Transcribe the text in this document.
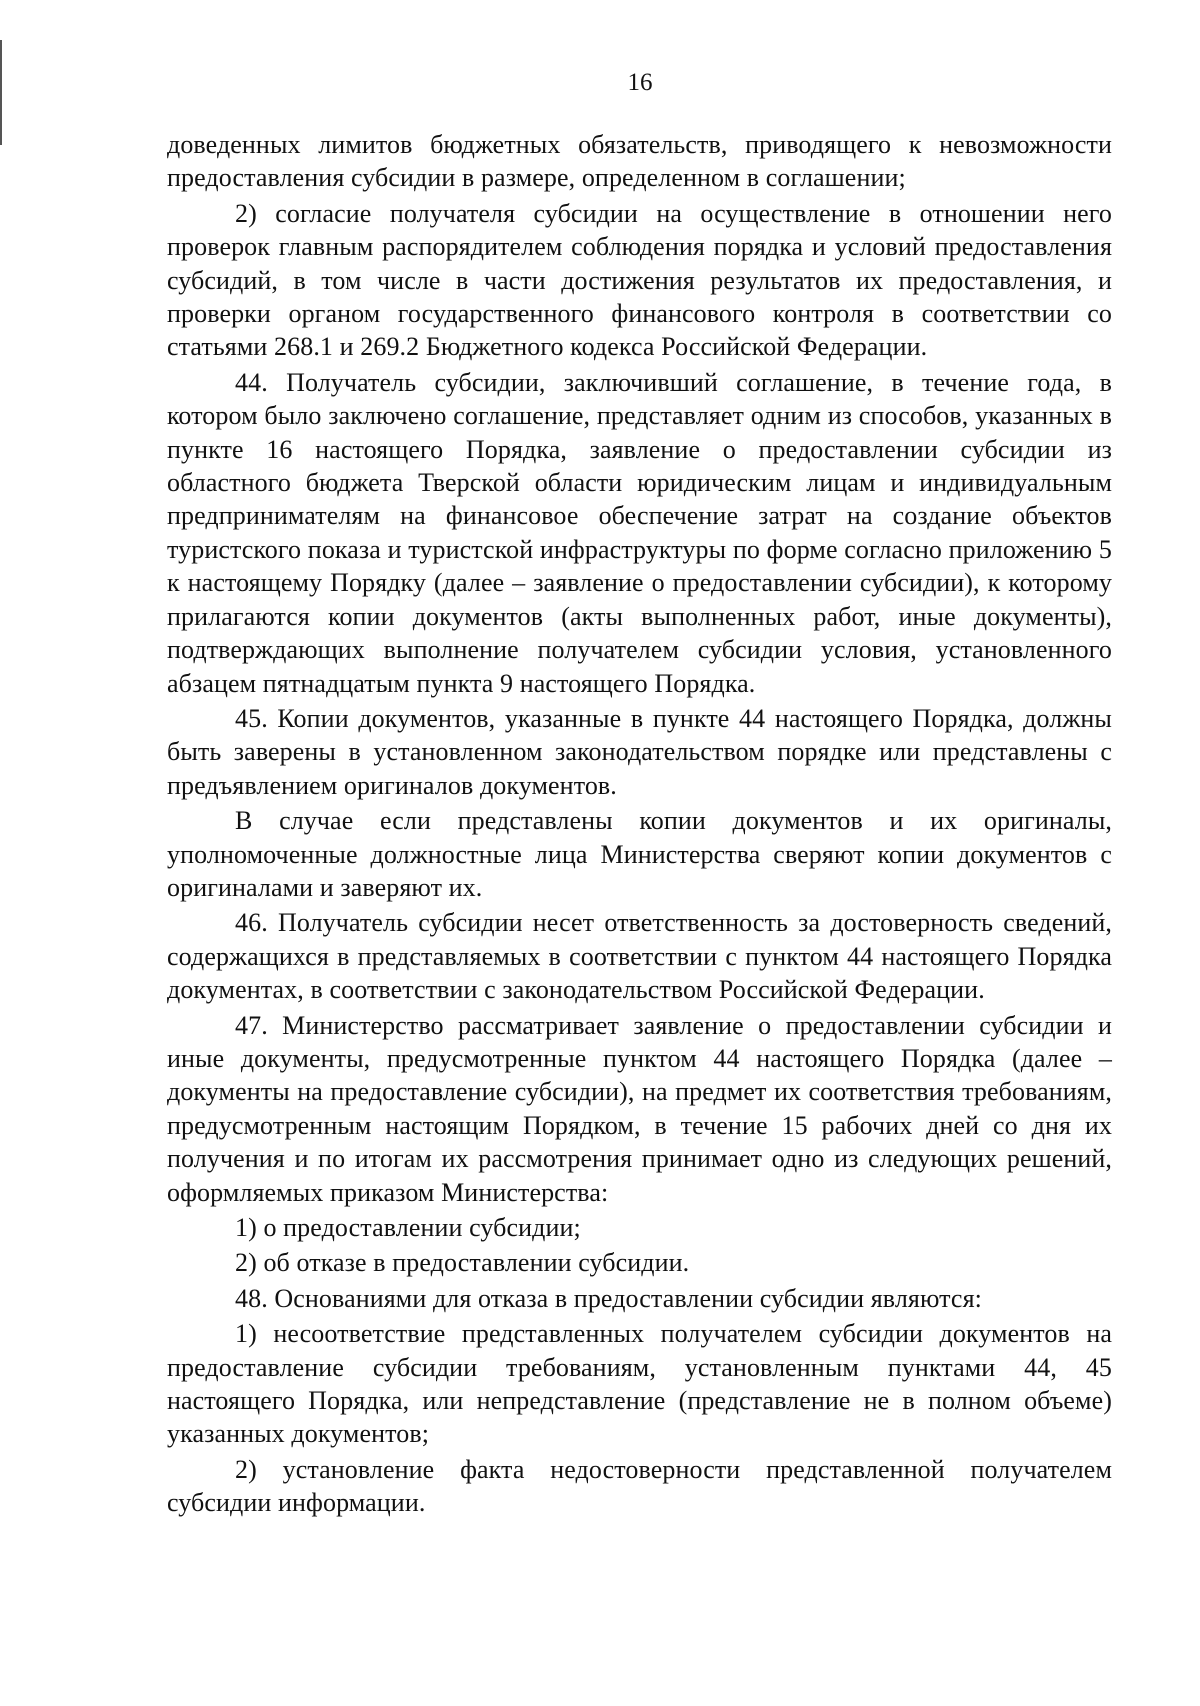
16

доведенных лимитов бюджетных обязательств, приводящего к невозможности предоставления субсидии в размере, определенном в соглашении;

2) согласие получателя субсидии на осуществление в отношении него проверок главным распорядителем соблюдения порядка и условий предоставления субсидий, в том числе в части достижения результатов их предоставления, и проверки органом государственного финансового контроля в соответствии со статьями 268.1 и 269.2 Бюджетного кодекса Российской Федерации.

44. Получатель субсидии, заключивший соглашение, в течение года, в котором было заключено соглашение, представляет одним из способов, указанных в пункте 16 настоящего Порядка, заявление о предоставлении субсидии из областного бюджета Тверской области юридическим лицам и индивидуальным предпринимателям на финансовое обеспечение затрат на создание объектов туристского показа и туристской инфраструктуры по форме согласно приложению 5 к настоящему Порядку (далее – заявление о предоставлении субсидии), к которому прилагаются копии документов (акты выполненных работ, иные документы), подтверждающих выполнение получателем субсидии условия, установленного абзацем пятнадцатым пункта 9 настоящего Порядка.

45. Копии документов, указанные в пункте 44 настоящего Порядка, должны быть заверены в установленном законодательством порядке или представлены с предъявлением оригиналов документов.

В случае если представлены копии документов и их оригиналы, уполномоченные должностные лица Министерства сверяют копии документов с оригиналами и заверяют их.

46. Получатель субсидии несет ответственность за достоверность сведений, содержащихся в представляемых в соответствии с пунктом 44 настоящего Порядка документах, в соответствии с законодательством Российской Федерации.

47. Министерство рассматривает заявление о предоставлении субсидии и иные документы, предусмотренные пунктом 44 настоящего Порядка (далее – документы на предоставление субсидии), на предмет их соответствия требованиям, предусмотренным настоящим Порядком, в течение 15 рабочих дней со дня их получения и по итогам их рассмотрения принимает одно из следующих решений, оформляемых приказом Министерства:

1) о предоставлении субсидии;

2) об отказе в предоставлении субсидии.

48. Основаниями для отказа в предоставлении субсидии являются:

1) несоответствие представленных получателем субсидии документов на предоставление субсидии требованиям, установленным пунктами 44, 45 настоящего Порядка, или непредставление (представление не в полном объеме) указанных документов;

2) установление факта недостоверности представленной получателем субсидии информации.
